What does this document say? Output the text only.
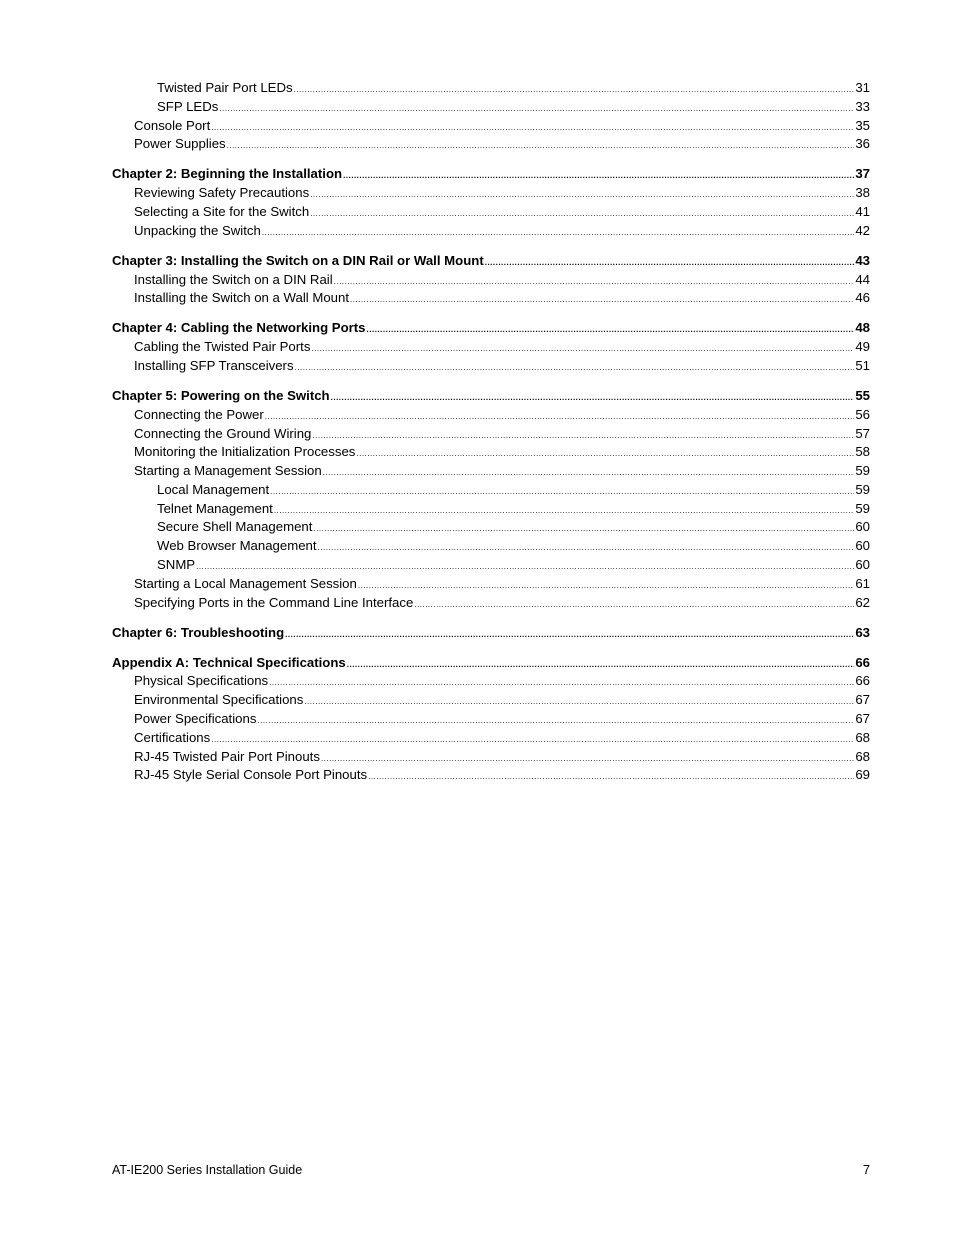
Twisted Pair Port LEDs .....	31
SFP LEDs .....	33
Console Port .....	35
Power Supplies .....	36
Chapter 2: Beginning the Installation .....	37
Reviewing Safety Precautions .....	38
Selecting a Site for the Switch .....	41
Unpacking the Switch .....	42
Chapter 3: Installing the Switch on a DIN Rail or Wall Mount .....	43
Installing the Switch on a DIN Rail .....	44
Installing the Switch on a Wall Mount .....	46
Chapter 4: Cabling the Networking Ports .....	48
Cabling the Twisted Pair Ports .....	49
Installing SFP Transceivers .....	51
Chapter 5: Powering on the Switch .....	55
Connecting the Power .....	56
Connecting the Ground Wiring .....	57
Monitoring the Initialization Processes .....	58
Starting a Management Session .....	59
Local Management .....	59
Telnet Management .....	59
Secure Shell Management .....	60
Web Browser Management .....	60
SNMP .....	60
Starting a Local Management Session .....	61
Specifying Ports in the Command Line Interface .....	62
Chapter 6: Troubleshooting .....	63
Appendix A: Technical Specifications .....	66
Physical Specifications .....	66
Environmental Specifications .....	67
Power Specifications .....	67
Certifications .....	68
RJ-45 Twisted Pair Port Pinouts .....	68
RJ-45 Style Serial Console Port Pinouts .....	69
AT-IE200 Series Installation Guide	7
